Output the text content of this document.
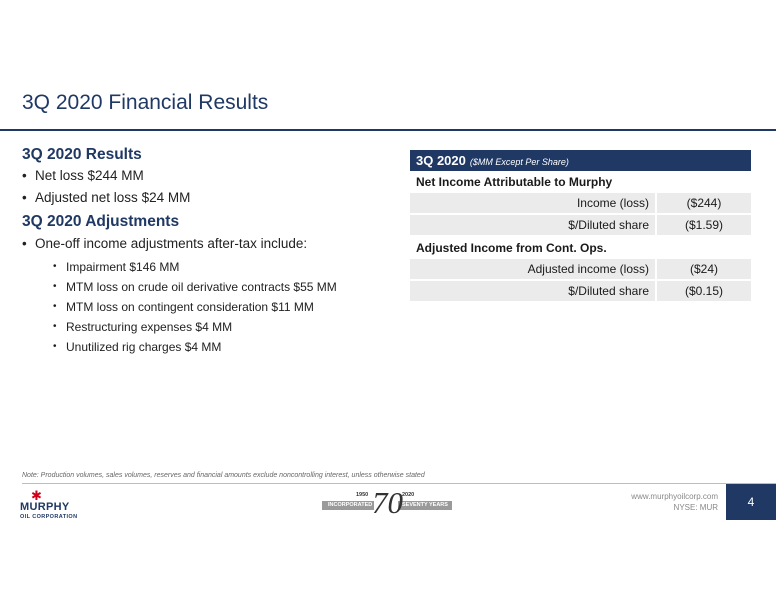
3Q 2020 Financial Results

3Q 2020 Results

• Net loss $244 MM

• Adjusted net loss $24 MM

3Q 2020 Adjustments

• One-off income adjustments after-tax include:

• Impairment $146 MM

• MTM loss on crude oil derivative contracts $55 MM

• MTM loss on contingent consideration $11 MM

• Restructuring expenses $4 MM

• Unutilized rig charges $4 MM

3Q 2020 ($MM Except Per Share)
Net Income Attributable to Murphy
Income (loss)	($244)
$/Diluted share	($1.59)
Adjusted Income from Cont. Ops.
Adjusted income (loss)	($24)
$/Diluted share	($0.15)
Note: Production volumes, sales volumes, reserves and financial amounts exclude noncontrolling interest, unless otherwise stated
✱
MURPHY
OIL CORPORATION
1950
INCORPORATED 70 2020
SEVENTY YEARS
www.murphyoilcorp.com
NYSE: MUR	4
